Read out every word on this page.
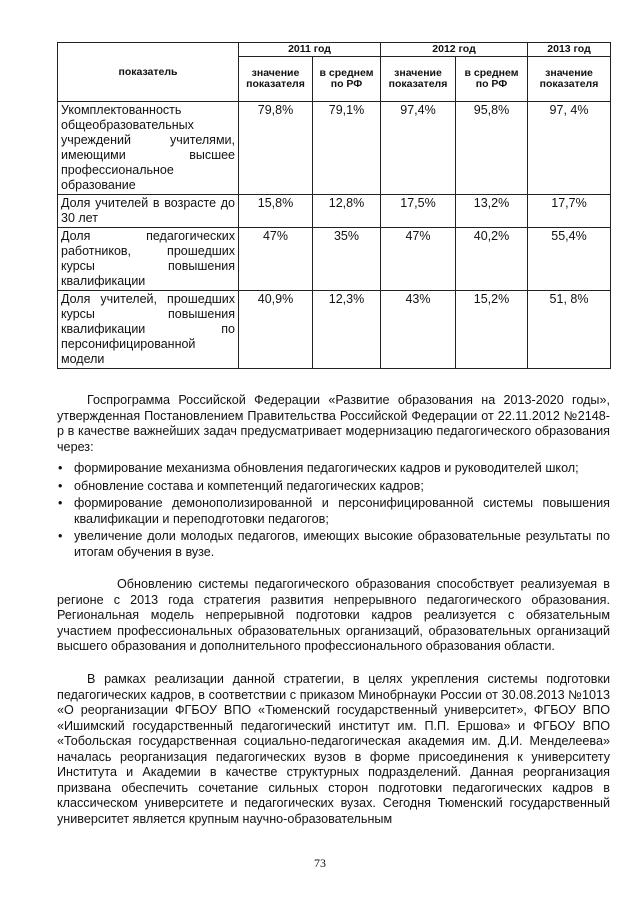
показатель	2011 год		2012 год		2013 год
	значение показателя	в среднем по РФ	значение показателя	в среднем по РФ	значение показателя
Укомплектованность общеобразовательных учреждений учителями, имеющими высшее профессиональное образование	79,8%	79,1%	97,4%	95,8%	97, 4%
Доля учителей в возрасте до 30 лет	15,8%	12,8%	17,5%	13,2%	17,7%
Доля педагогических работников, прошедших курсы повышения квалификации	47%	35%	47%	40,2%	55,4%
Доля учителей, прошедших курсы повышения квалификации по персонифицированной модели	40,9%	12,3%	43%	15,2%	51, 8%

Госпрограмма Российской Федерации «Развитие образования на 2013-2020 годы», утвержденная Постановлением Правительства Российской Федерации от 22.11.2012 №2148-р в качестве важнейших задач предусматривает модернизацию педагогического образования через:

• формирование механизма обновления педагогических кадров и руководителей школ;
• обновление состава и компетенций педагогических кадров;
• формирование демонополизированной и персонифицированной системы повышения квалификации и переподготовки педагогов;
• увеличение доли молодых педагогов, имеющих высокие образовательные результаты по итогам обучения в вузе.

Обновлению системы педагогического образования способствует реализуемая в регионе с 2013 года стратегия развития непрерывного педагогического образования. Региональная модель непрерывной подготовки кадров реализуется с обязательным участием профессиональных образовательных организаций, образовательных организаций высшего образования и дополнительного профессионального образования области.

В рамках реализации данной стратегии, в целях укрепления системы подготовки педагогических кадров, в соответствии с приказом Минобрнауки России от 30.08.2013 №1013 «О реорганизации ФГБОУ ВПО «Тюменский государственный университет», ФГБОУ ВПО «Ишимский государственный педагогический институт им. П.П. Ершова» и ФГБОУ ВПО «Тобольская государственная социально-педагогическая академия им. Д.И. Менделеева» началась реорганизация педагогических вузов в форме присоединения к университету Института и Академии в качестве структурных подразделений. Данная реорганизация призвана обеспечить сочетание сильных сторон подготовки педагогических кадров в классическом университете и педагогических вузах. Сегодня Тюменский государственный университет является крупным научно-образовательным

73
